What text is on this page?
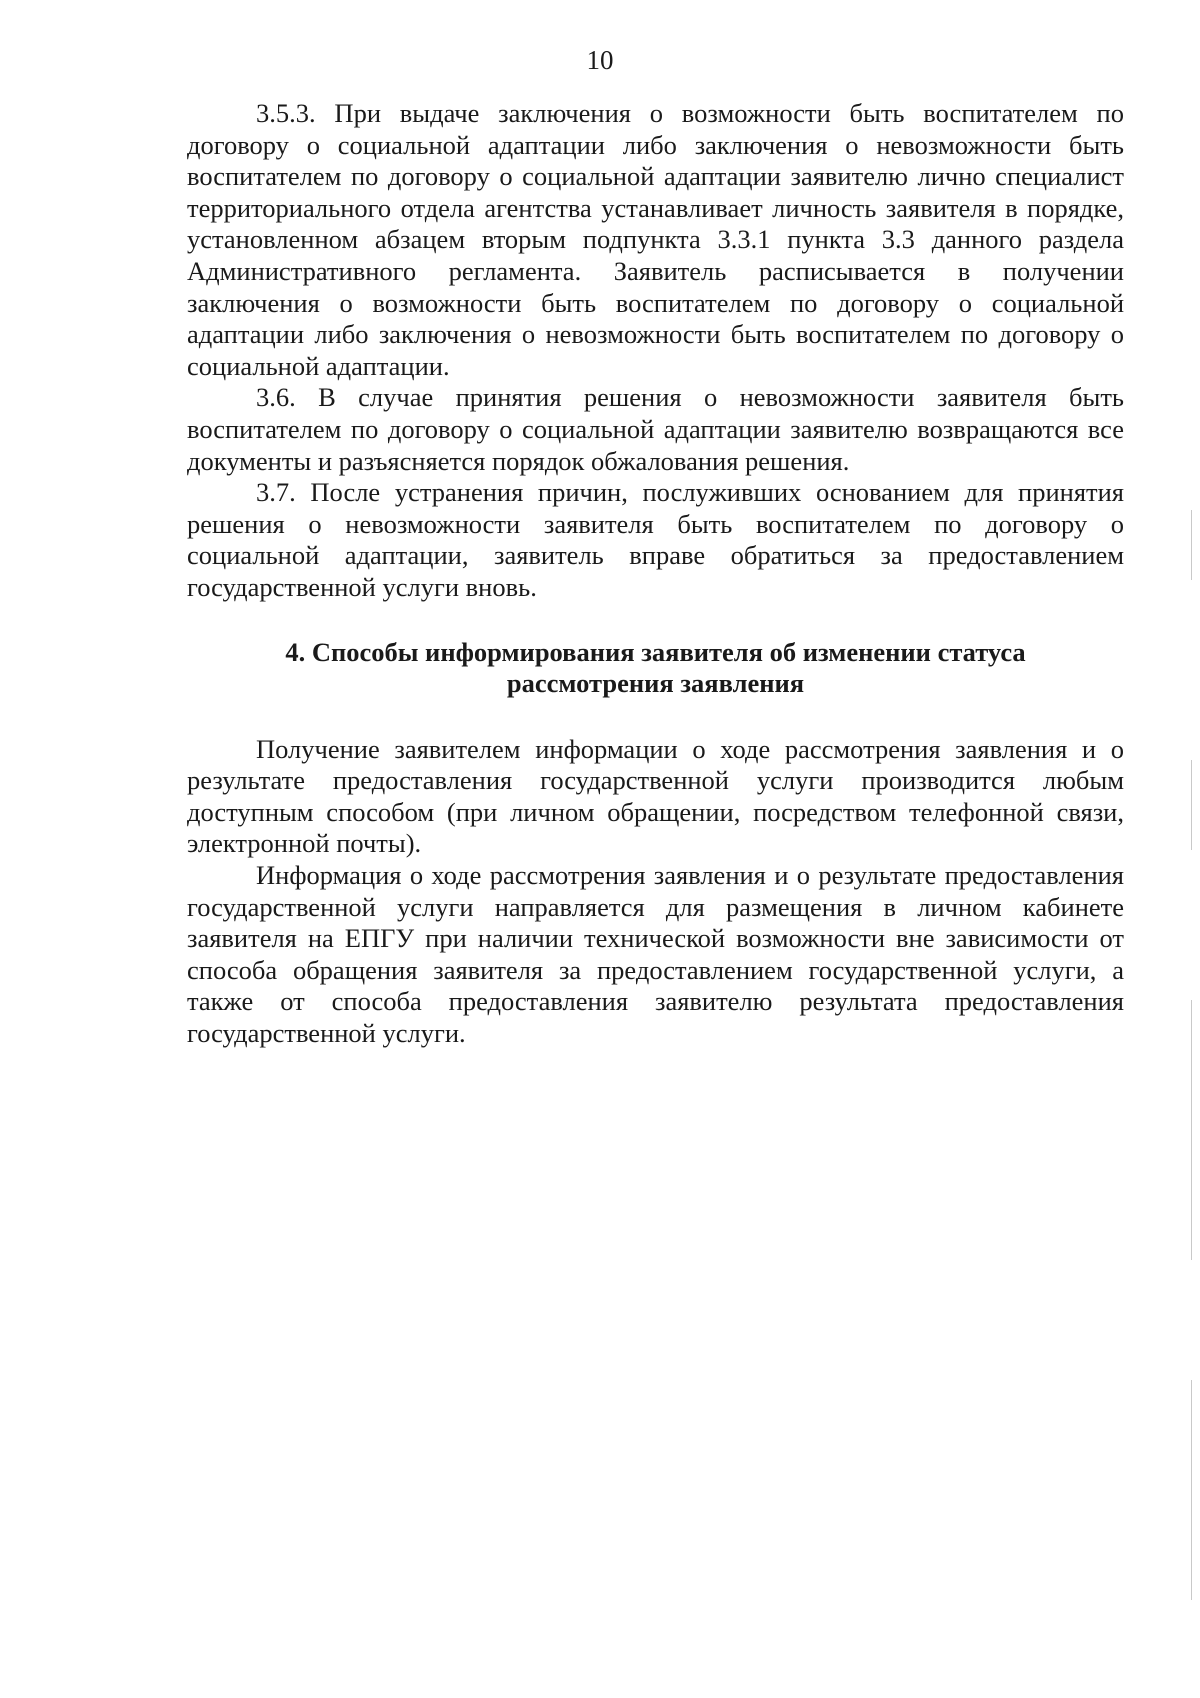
10

3.5.3. При выдаче заключения о возможности быть воспитателем по договору о социальной адаптации либо заключения о невозможности быть воспитателем по договору о социальной адаптации заявителю лично специалист территориального отдела агентства устанавливает личность заявителя в порядке, установленном абзацем вторым подпункта 3.3.1 пункта 3.3 данного раздела Административного регламента. Заявитель расписывается в получении заключения о возможности быть воспитателем по договору о социальной адаптации либо заключения о невозможности быть воспитателем по договору о социальной адаптации.

3.6. В случае принятия решения о невозможности заявителя быть воспитателем по договору о социальной адаптации заявителю возвращаются все документы и разъясняется порядок обжалования решения.

3.7. После устранения причин, послуживших основанием для принятия решения о невозможности заявителя быть воспитателем по договору о социальной адаптации, заявитель вправе обратиться за предоставлением государственной услуги вновь.

4. Способы информирования заявителя об изменении статуса
рассмотрения заявления

Получение заявителем информации о ходе рассмотрения заявления и о результате предоставления государственной услуги производится любым доступным способом (при личном обращении, посредством телефонной связи, электронной почты).

Информация о ходе рассмотрения заявления и о результате предоставления государственной услуги направляется для размещения в личном кабинете заявителя на ЕПГУ при наличии технической возможности вне зависимости от способа обращения заявителя за предоставлением государственной услуги, а также от способа предоставления заявителю результата предоставления государственной услуги.
